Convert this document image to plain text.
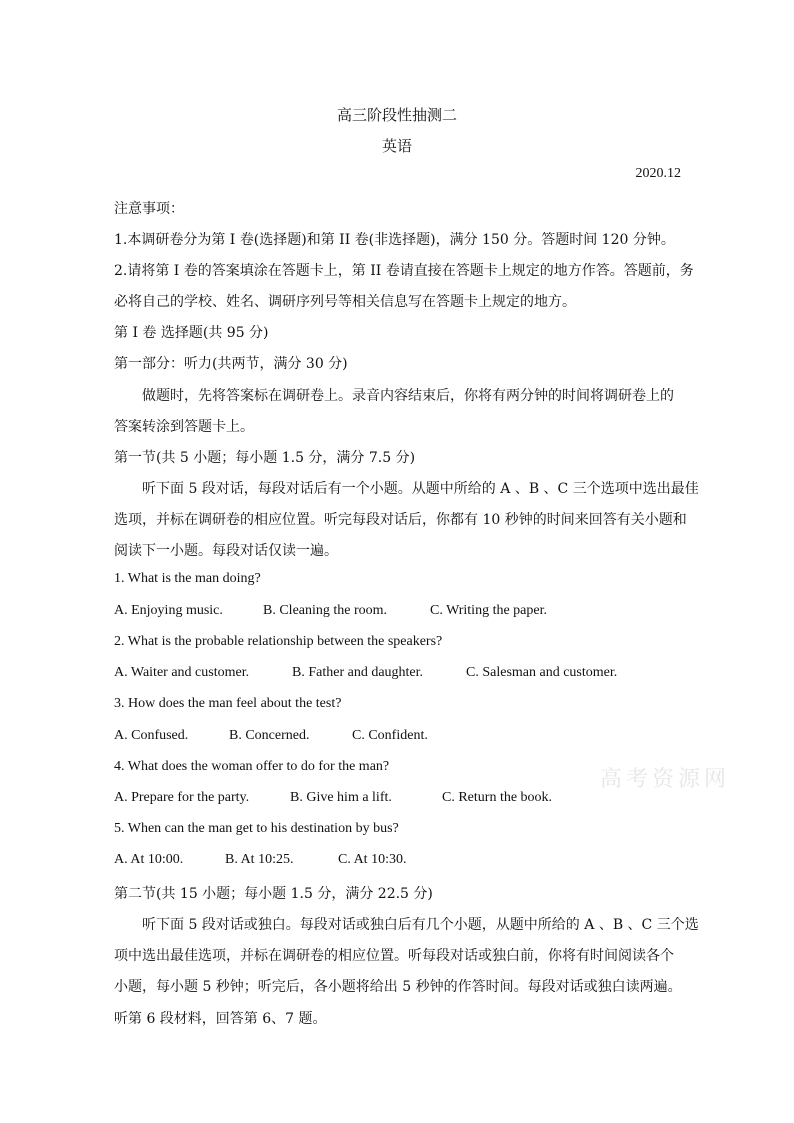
高三阶段性抽测二
英语
2020.12
注意事项：
1.本调研卷分为第 I 卷(选择题)和第 II 卷(非选择题)，满分 150 分。答题时间 120 分钟。
2.请将第 I 卷的答案填涂在答题卡上，第 II 卷请直接在答题卡上规定的地方作答。答题前，务
必将自己的学校、姓名、调研序列号等相关信息写在答题卡上规定的地方。
第 I 卷 选择题(共 95 分)
第一部分：听力(共两节，满分 30 分)
做题时，先将答案标在调研卷上。录音内容结束后，你将有两分钟的时间将调研卷上的
答案转涂到答题卡上。
第一节(共 5 小题；每小题 1.5 分，满分 7.5 分)
听下面 5 段对话，每段对话后有一个小题。从题中所给的 A 、B 、C 三个选项中选出最佳
选项，并标在调研卷的相应位置。听完每段对话后，你都有 10 秒钟的时间来回答有关小题和
阅读下一小题。每段对话仅读一遍。
1. What is the man doing?
A. Enjoying music.	B. Cleaning the room.	C. Writing the paper.
2. What is the probable relationship between the speakers?
A. Waiter and customer.	B. Father and daughter.	C. Salesman and customer.
3. How does the man feel about the test?
A. Confused.	B. Concerned.	C. Confident.
4. What does the woman offer to do for the man?
A. Prepare for the party.	B. Give him a lift.	C. Return the book.
5. When can the man get to his destination by bus?
A. At 10:00.	B. At 10:25.	C. At 10:30.
第二节(共 15 小题；每小题 1.5 分，满分 22.5 分)
听下面 5 段对话或独白。每段对话或独白后有几个小题，从题中所给的 A 、B 、C 三个选
项中选出最佳选项，并标在调研卷的相应位置。听每段对话或独白前，你将有时间阅读各个
小题，每小题 5 秒钟；听完后，各小题将给出 5 秒钟的作答时间。每段对话或独白读两遍。
听第 6 段材料，回答第 6、7 题。
高考资源网
